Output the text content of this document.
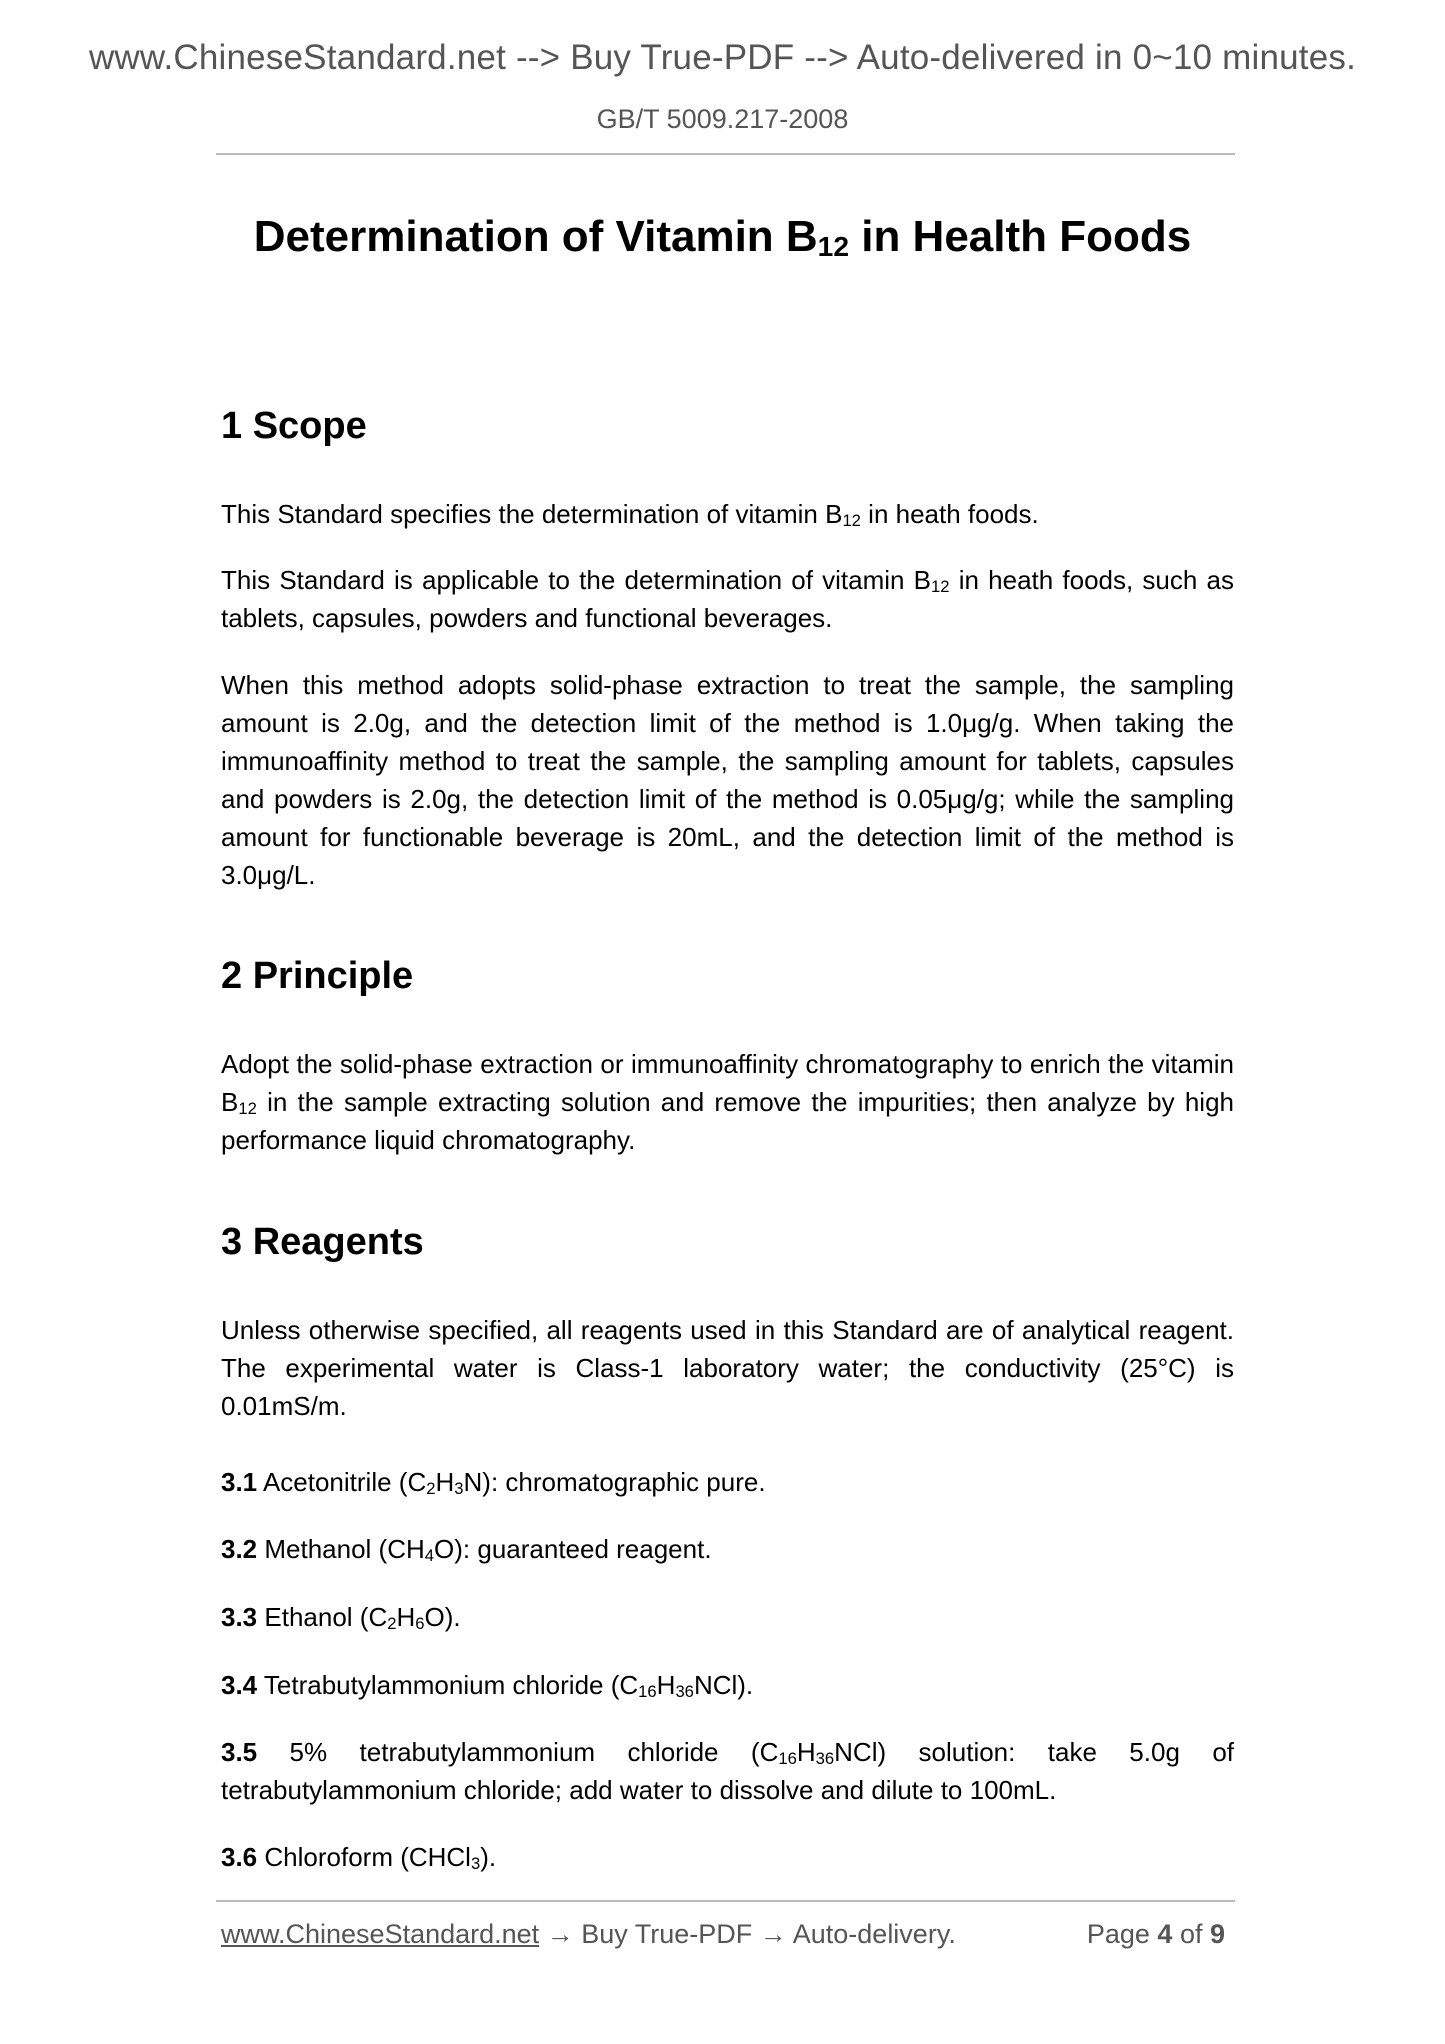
www.ChineseStandard.net --> Buy True-PDF --> Auto-delivered in 0~10 minutes.
GB/T 5009.217-2008
Determination of Vitamin $B_{12}$ in Health Foods
1 Scope

This Standard specifies the determination of vitamin $B_{12}$ in heath foods.

This Standard is applicable to the determination of vitamin $B_{12}$ in heath foods, such as tablets, capsules, powders and functional beverages.

When this method adopts solid-phase extraction to treat the sample, the sampling amount is 2.0g, and the detection limit of the method is 1.0μg/g. When taking the immunoaffinity method to treat the sample, the sampling amount for tablets, capsules and powders is 2.0g, the detection limit of the method is 0.05μg/g; while the sampling amount for functionable beverage is 20mL, and the detection limit of the method is 3.0μg/L.

2 Principle

Adopt the solid-phase extraction or immunoaffinity chromatography to enrich the vitamin $B_{12}$ in the sample extracting solution and remove the impurities; then analyze by high performance liquid chromatography.

3 Reagents

Unless otherwise specified, all reagents used in this Standard are of analytical reagent. The experimental water is Class-1 laboratory water; the conductivity (25°C) is 0.01mS/m.

3.1 Acetonitrile $(C_2H_3N)$: chromatographic pure.

3.2 Methanol $(CH_4O)$: guaranteed reagent.

3.3 Ethanol $(C_2H_6O)$.

3.4 Tetrabutylammonium chloride $(C_{16}H_{36}NCl)$.

3.5 5% tetrabutylammonium chloride $(C_{16}H_{36}NCl)$ solution: take 5.0g of tetrabutylammonium chloride; add water to dissolve and dilute to 100mL.

3.6 Chloroform (CHCl$_3$).

www.ChineseStandard.net → Buy True-PDF → Auto-delivery.	Page 4 of 9
